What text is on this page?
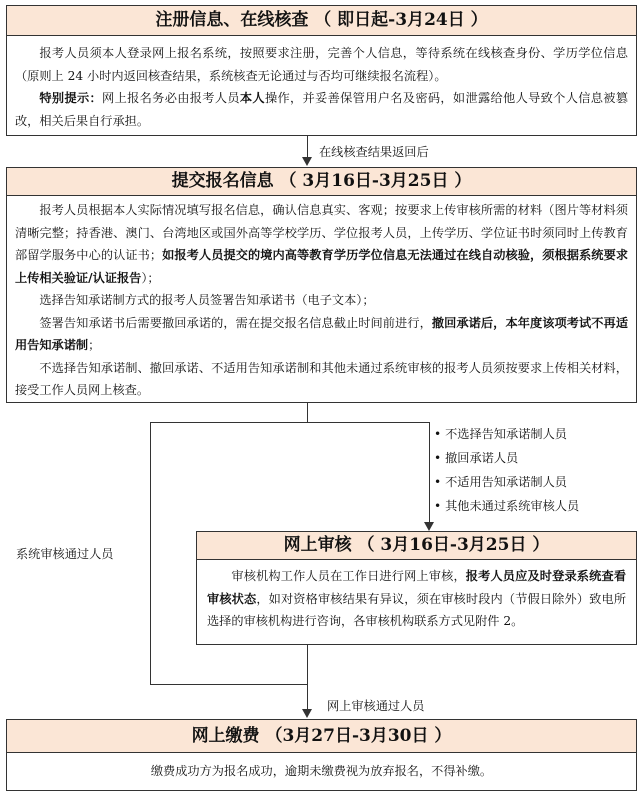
注册信息、在线核查 （ 即日起-3月24日 ）

报考人员须本人登录网上报名系统，按照要求注册，完善个人信息，等待系统在线核查身份、学历学位信息（原则上 24 小时内返回核查结果，系统核查无论通过与否均可继续报名流程）。

特别提示：网上报名务必由报考人员本人操作，并妥善保管用户名及密码，如泄露给他人导致个人信息被篡改，相关后果自行承担。

在线核查结果返回后
提交报名信息 （ 3月16日-3月25日 ）

报考人员根据本人实际情况填写报名信息，确认信息真实、客观；按要求上传审核所需的材料（图片等材料须清晰完整；持香港、澳门、台湾地区或国外高等学校学历、学位报考人员，上传学历、学位证书时须同时上传教育部留学服务中心的认证书；如报考人员提交的境内高等教育学历学位信息无法通过在线自动核验，须根据系统要求上传相关验证/认证报告）；

选择告知承诺制方式的报考人员签署告知承诺书（电子文本）；

签署告知承诺书后需要撤回承诺的，需在提交报名信息截止时间前进行，撤回承诺后，本年度该项考试不再适用告知承诺制；

不选择告知承诺制、撤回承诺、不适用告知承诺制和其他未通过系统审核的报考人员须按要求上传相关材料，接受工作人员网上核查。

系统审核通过人员
• 不选择告知承诺制人员
• 撤回承诺人员
• 不适用告知承诺制人员
• 其他未通过系统审核人员
网上审核 （ 3月16日-3月25日 ）

审核机构工作人员在工作日进行网上审核，报考人员应及时登录系统查看审核状态，如对资格审核结果有异议，须在审核时段内（节假日除外）致电所选择的审核机构进行咨询，各审核机构联系方式见附件 2。

网上审核通过人员
网上缴费 （3月27日-3月30日 ）

缴费成功方为报名成功，逾期未缴费视为放弃报名，不得补缴。
